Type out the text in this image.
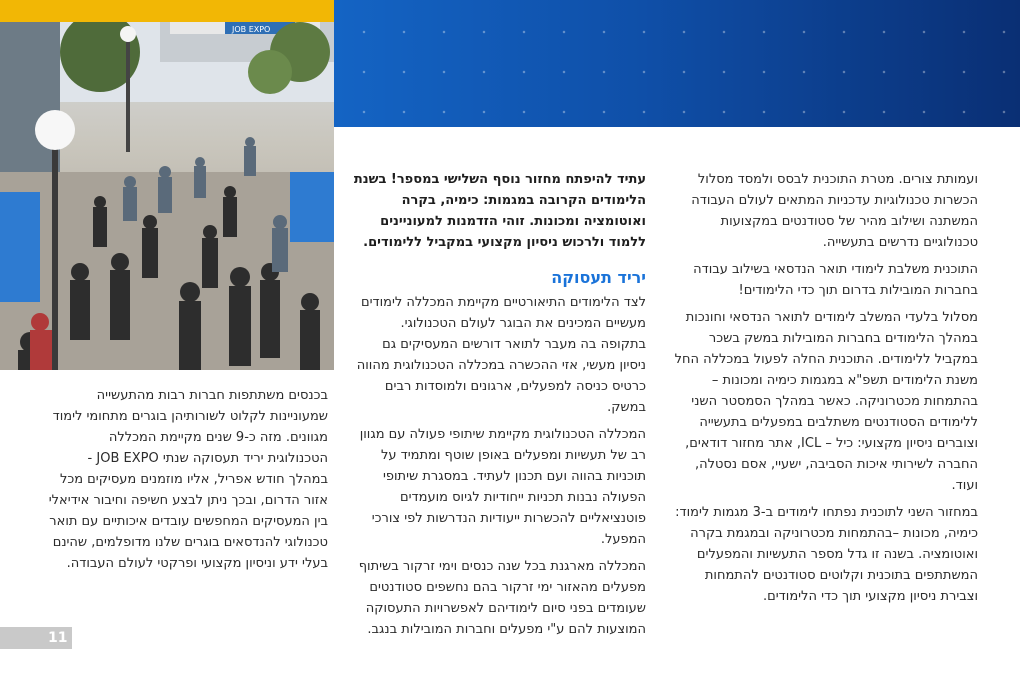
JOB EXPO

ועמותת צורים. מטרת התוכנית לבסס ולמסד מסלול הכשרות טכנולוגיות עדכניות המתאים לעולם העבודה המשתנה ושילוב מהיר של סטודנטים במקצועות טכנולוגיים נדרשים בתעשייה.

התוכנית משלבת לימודי תואר הנדסאי בשילוב עבודה בחברות המובילות בדרום תוך כדי הלימודים!

מסלול בלעדי המשלב לימודים לתואר הנדסאי וחונכות במהלך הלימודים בחברות המובילות במשק בשכר במקביל ללימודים. התוכנית החלה לפעול במכללה החל משנת הלימודים תשפ"א במגמות כימיה ומכונות – בהתמחות מכטרוניקה. כאשר במהלך הסמסטר השני ללימודים הסטודנטים משתלבים במפעלים בתעשייה וצוברים ניסיון מקצועי: כיל – ICL, אתר מחזור דודאים, החברה לשירותי איכות הסביבה, ישעיי, אסם נסטלה, ועוד.

במחזור השני לתוכנית נפתחו לימודים ב-3 מגמות לימוד: כימיה, מכונות –בהתמחות מכטרוניקה ובמגמת בקרה ואוטומציה. בשנה זו גדל מספר התעשיות והמפעלים המשתתפים בתוכנית וקלוטים סטודנטים להתמחות וצבירת ניסיון מקצועי תוך כדי הלימודים.

עתיד להיפתח מחזור נוסף השלישי במספר! בשנת הלימודים הקרובה במגמות: כימיה, בקרה ואוטומציה ומכונות. זוהי הזדמנות למעוניינים ללמוד ולרכוש ניסיון מקצועי במקביל ללימודים.

יריד תעסוקה

לצד הלימודים התיאורטיים מקיימת המכללה לימודים מעשיים המכינים את הבוגר לעולם הטכנולוגי. בתקופה בה מעבר לתואר דורשים המעסיקים גם ניסיון מעשי, אזי ההכשרה במכללה הטכנולוגית מהווה כרטיס כניסה למפעלים, ארגונים ולמוסדות רבים במשק.

המכללה הטכנולוגית מקיימת שיתופי פעולה עם מגוון רב של תעשיות ומפעלים באופן שוטף ומתמיד על תוכניות בהווה ועם תכנון לעתיד. במסגרת שיתופי הפעולה נבנות תכניות ייחודיות לגיוס מועמדים פוטנציאליים להכשרות ייעודיות הנדרשות לפי צורכי המפעל.

המכללה מארגנת בכל שנה כנסים וימי זרקור בשיתוף מפעלים מהאזור ימי זרקור בהם נחשפים סטודנטים שעומדים בפני סיום לימודיהם לאפשרויות התעסוקה המוצעות להם ע"י מפעלים וחברות המובילות בנגב.

בכנסים משתתפות חברות רבות מהתעשייה שמעוניינות לקלוט לשורותיהן בוגרים מתחומי לימוד מגוונים. מזה כ-9 שנים מקיימת המכללה הטכנולוגית יריד תעסוקה שנתי JOB EXPO - במהלך חודש אפריל, אליו מוזמנים מעסיקים מכל אזור הדרום, ובכך ניתן לבצע חשיפה וחיבור אידיאלי בין המעסיקים המחפשים עובדים איכותיים עם תואר טכנולוגי להנדסאים בוגרים שלנו מדופלמים, שהינם בעלי ידע וניסיון מקצועי ופרקטי לעולם העבודה.

11
